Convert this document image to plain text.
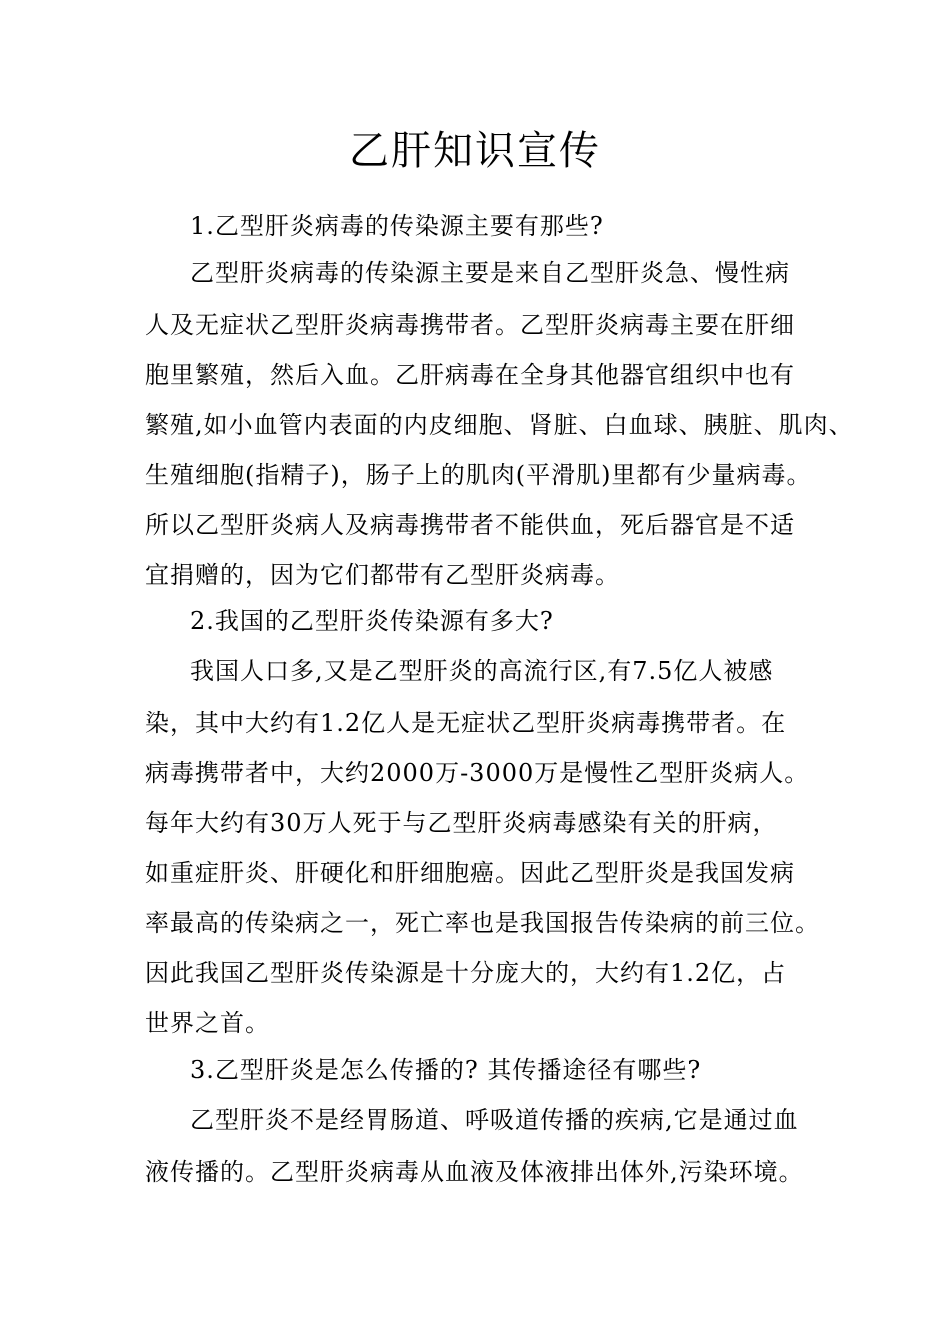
乙肝知识宣传
1.乙型肝炎病毒的传染源主要有那些?
乙型肝炎病毒的传染源主要是来自乙型肝炎急、慢性病
人及无症状乙型肝炎病毒携带者。乙型肝炎病毒主要在肝细
胞里繁殖，然后入血。乙肝病毒在全身其他器官组织中也有
繁殖,如小血管内表面的内皮细胞、肾脏、白血球、胰脏、肌肉、
生殖细胞(指精子)，肠子上的肌肉(平滑肌)里都有少量病毒。
所以乙型肝炎病人及病毒携带者不能供血，死后器官是不适
宜捐赠的，因为它们都带有乙型肝炎病毒。
2.我国的乙型肝炎传染源有多大?
我国人口多,又是乙型肝炎的高流行区,有7.5亿人被感
染，其中大约有1.2亿人是无症状乙型肝炎病毒携带者。在
病毒携带者中，大约2000万-3000万是慢性乙型肝炎病人。
每年大约有30万人死于与乙型肝炎病毒感染有关的肝病，
如重症肝炎、肝硬化和肝细胞癌。因此乙型肝炎是我国发病
率最高的传染病之一，死亡率也是我国报告传染病的前三位。
因此我国乙型肝炎传染源是十分庞大的，大约有1.2亿，占
世界之首。
3.乙型肝炎是怎么传播的? 其传播途径有哪些?
乙型肝炎不是经胃肠道、呼吸道传播的疾病,它是通过血
液传播的。乙型肝炎病毒从血液及体液排出体外,污染环境。
